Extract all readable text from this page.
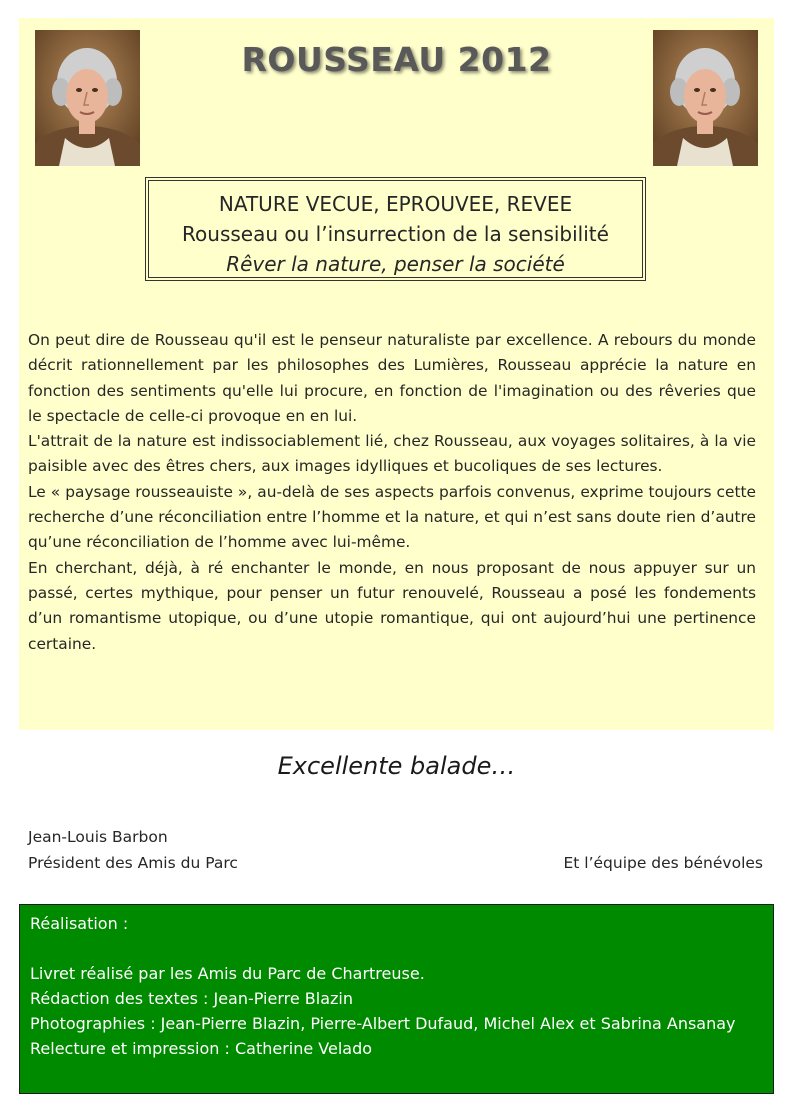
ROUSSEAU 2012
NATURE VECUE, EPROUVEE, REVEE
Rousseau ou l’insurrection de la sensibilité
Rêver la nature, penser la société

On peut dire de Rousseau qu'il est le penseur naturaliste par excellence. A rebours du monde décrit rationnellement par les philosophes des Lumières, Rousseau apprécie la nature en fonction des sentiments qu'elle lui procure, en fonction de l'imagination ou des rêveries que le spectacle de celle-ci provoque en en lui.

L'attrait de la nature est indissociablement lié, chez Rousseau, aux voyages solitaires, à la vie paisible avec des êtres chers, aux images idylliques et bucoliques de ses lectures.

Le « paysage rousseauiste », au-delà de ses aspects parfois convenus, exprime toujours cette recherche d’une réconciliation entre l’homme et la nature, et qui n’est sans doute rien d’autre qu’une réconciliation de l’homme avec lui-même.

En cherchant, déjà, à ré enchanter le monde, en nous proposant de nous appuyer sur un passé, certes mythique, pour penser un futur renouvelé, Rousseau a posé les fondements d’un romantisme utopique, ou d’une utopie romantique, qui ont aujourd’hui une pertinence certaine.

Excellente balade…
Jean-Louis Barbon
Président des Amis du Parc	Et l’équipe des bénévoles

Réalisation :

Livret réalisé par les Amis du Parc de Chartreuse.

Rédaction des textes : Jean-Pierre Blazin

Photographies : Jean-Pierre Blazin, Pierre-Albert Dufaud, Michel Alex et Sabrina Ansanay

Relecture et impression : Catherine Velado
